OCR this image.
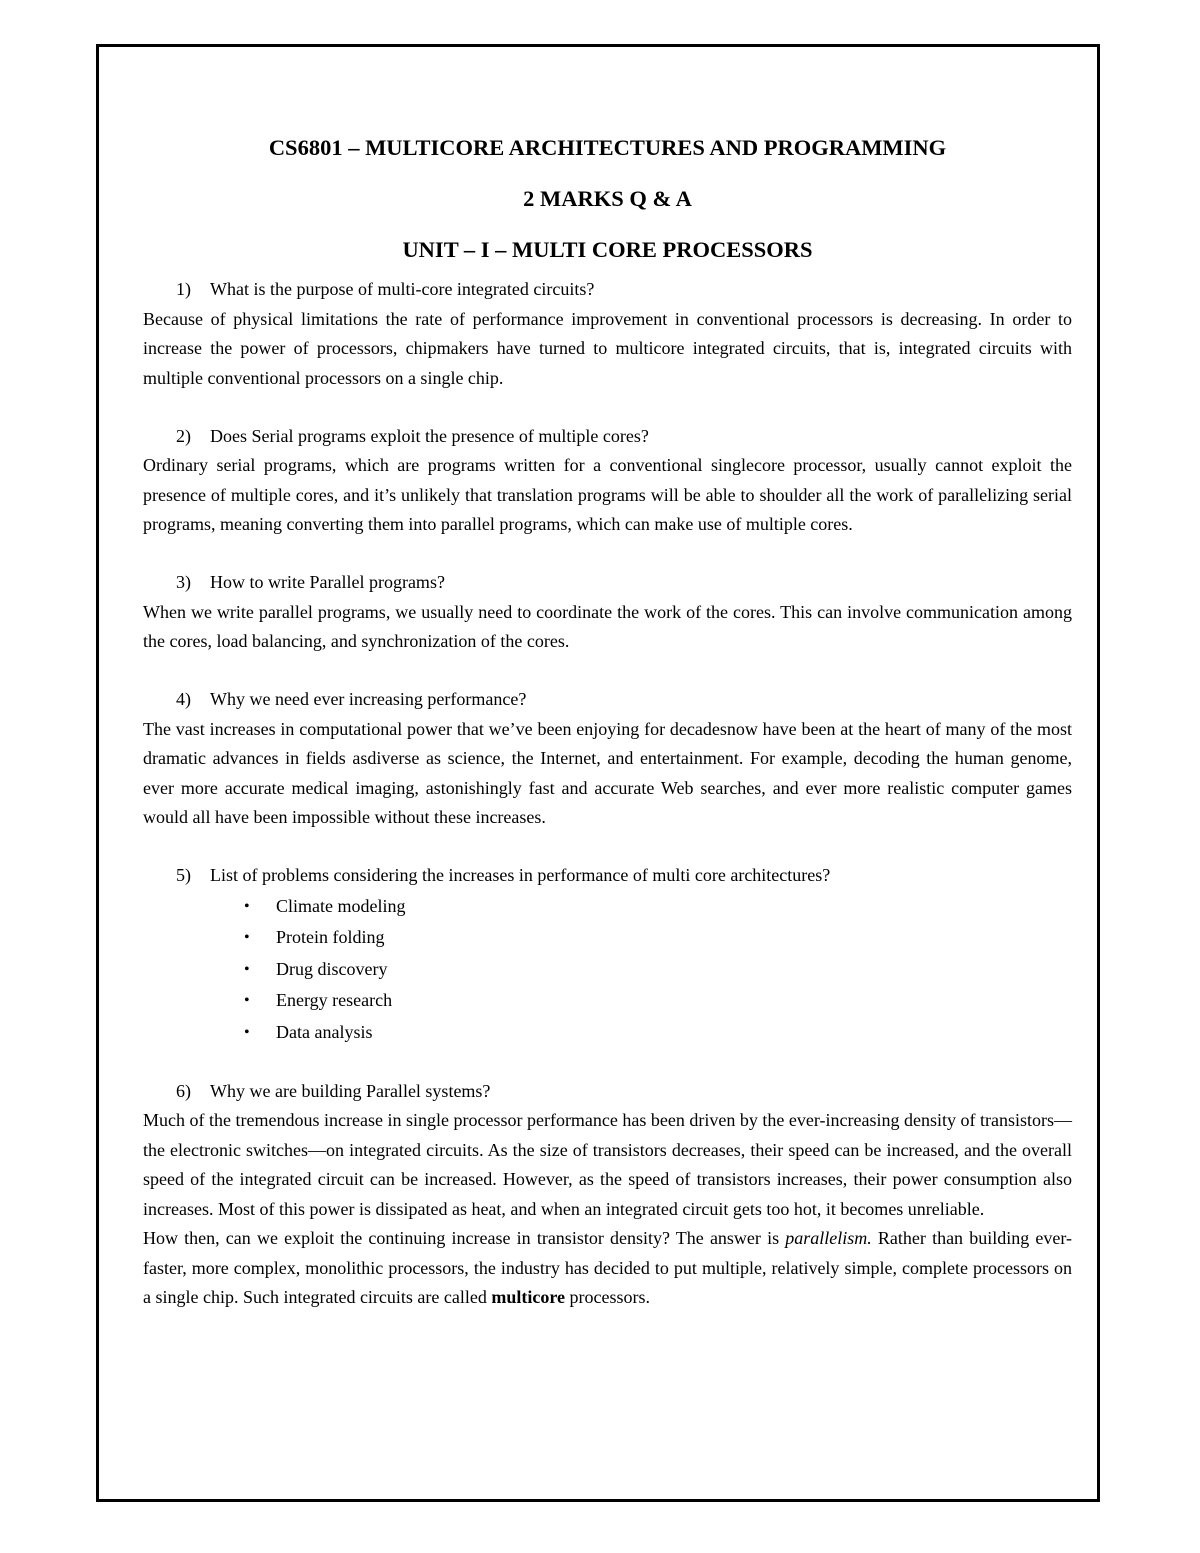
CS6801 – MULTICORE ARCHITECTURES AND PROGRAMMING
2 MARKS Q & A
UNIT – I – MULTI CORE PROCESSORS
1)	What is the purpose of multi-core integrated circuits?

Because of physical limitations the rate of performance improvement in conventional processors is decreasing. In order to increase the power of processors, chipmakers have turned to multicore integrated circuits, that is, integrated circuits with multiple conventional processors on a single chip.

2)	Does Serial programs exploit the presence of multiple cores?

Ordinary serial programs, which are programs written for a conventional singlecore processor, usually cannot exploit the presence of multiple cores, and it’s unlikely that translation programs will be able to shoulder all the work of parallelizing serial programs, meaning converting them into parallel programs, which can make use of multiple cores.

3)	How to write Parallel programs?

When we write parallel programs, we usually need to coordinate the work of the cores. This can involve communication among the cores, load balancing, and synchronization of the cores.

4)	Why we need ever increasing performance?

The vast increases in computational power that we’ve been enjoying for decadesnow have been at the heart of many of the most dramatic advances in fields asdiverse as science, the Internet, and entertainment. For example, decoding the human genome, ever more accurate medical imaging, astonishingly fast and accurate Web searches, and ever more realistic computer games would all have been impossible without these increases.

5)	List of problems considering the increases in performance of multi core architectures?
•	Climate modeling
•	Protein folding
•	Drug discovery
•	Energy research
•	Data analysis
6)	Why we are building Parallel systems?

Much of the tremendous increase in single processor performance has been driven by the ever-increasing density of transistors—the electronic switches—on integrated circuits. As the size of transistors decreases, their speed can be increased, and the overall speed of the integrated circuit can be increased. However, as the speed of transistors increases, their power consumption also increases. Most of this power is dissipated as heat, and when an integrated circuit gets too hot, it becomes unreliable.

How then, can we exploit the continuing increase in transistor density? The answer is parallelism. Rather than building ever-faster, more complex, monolithic processors, the industry has decided to put multiple, relatively simple, complete processors on a single chip. Such integrated circuits are called multicore processors.
